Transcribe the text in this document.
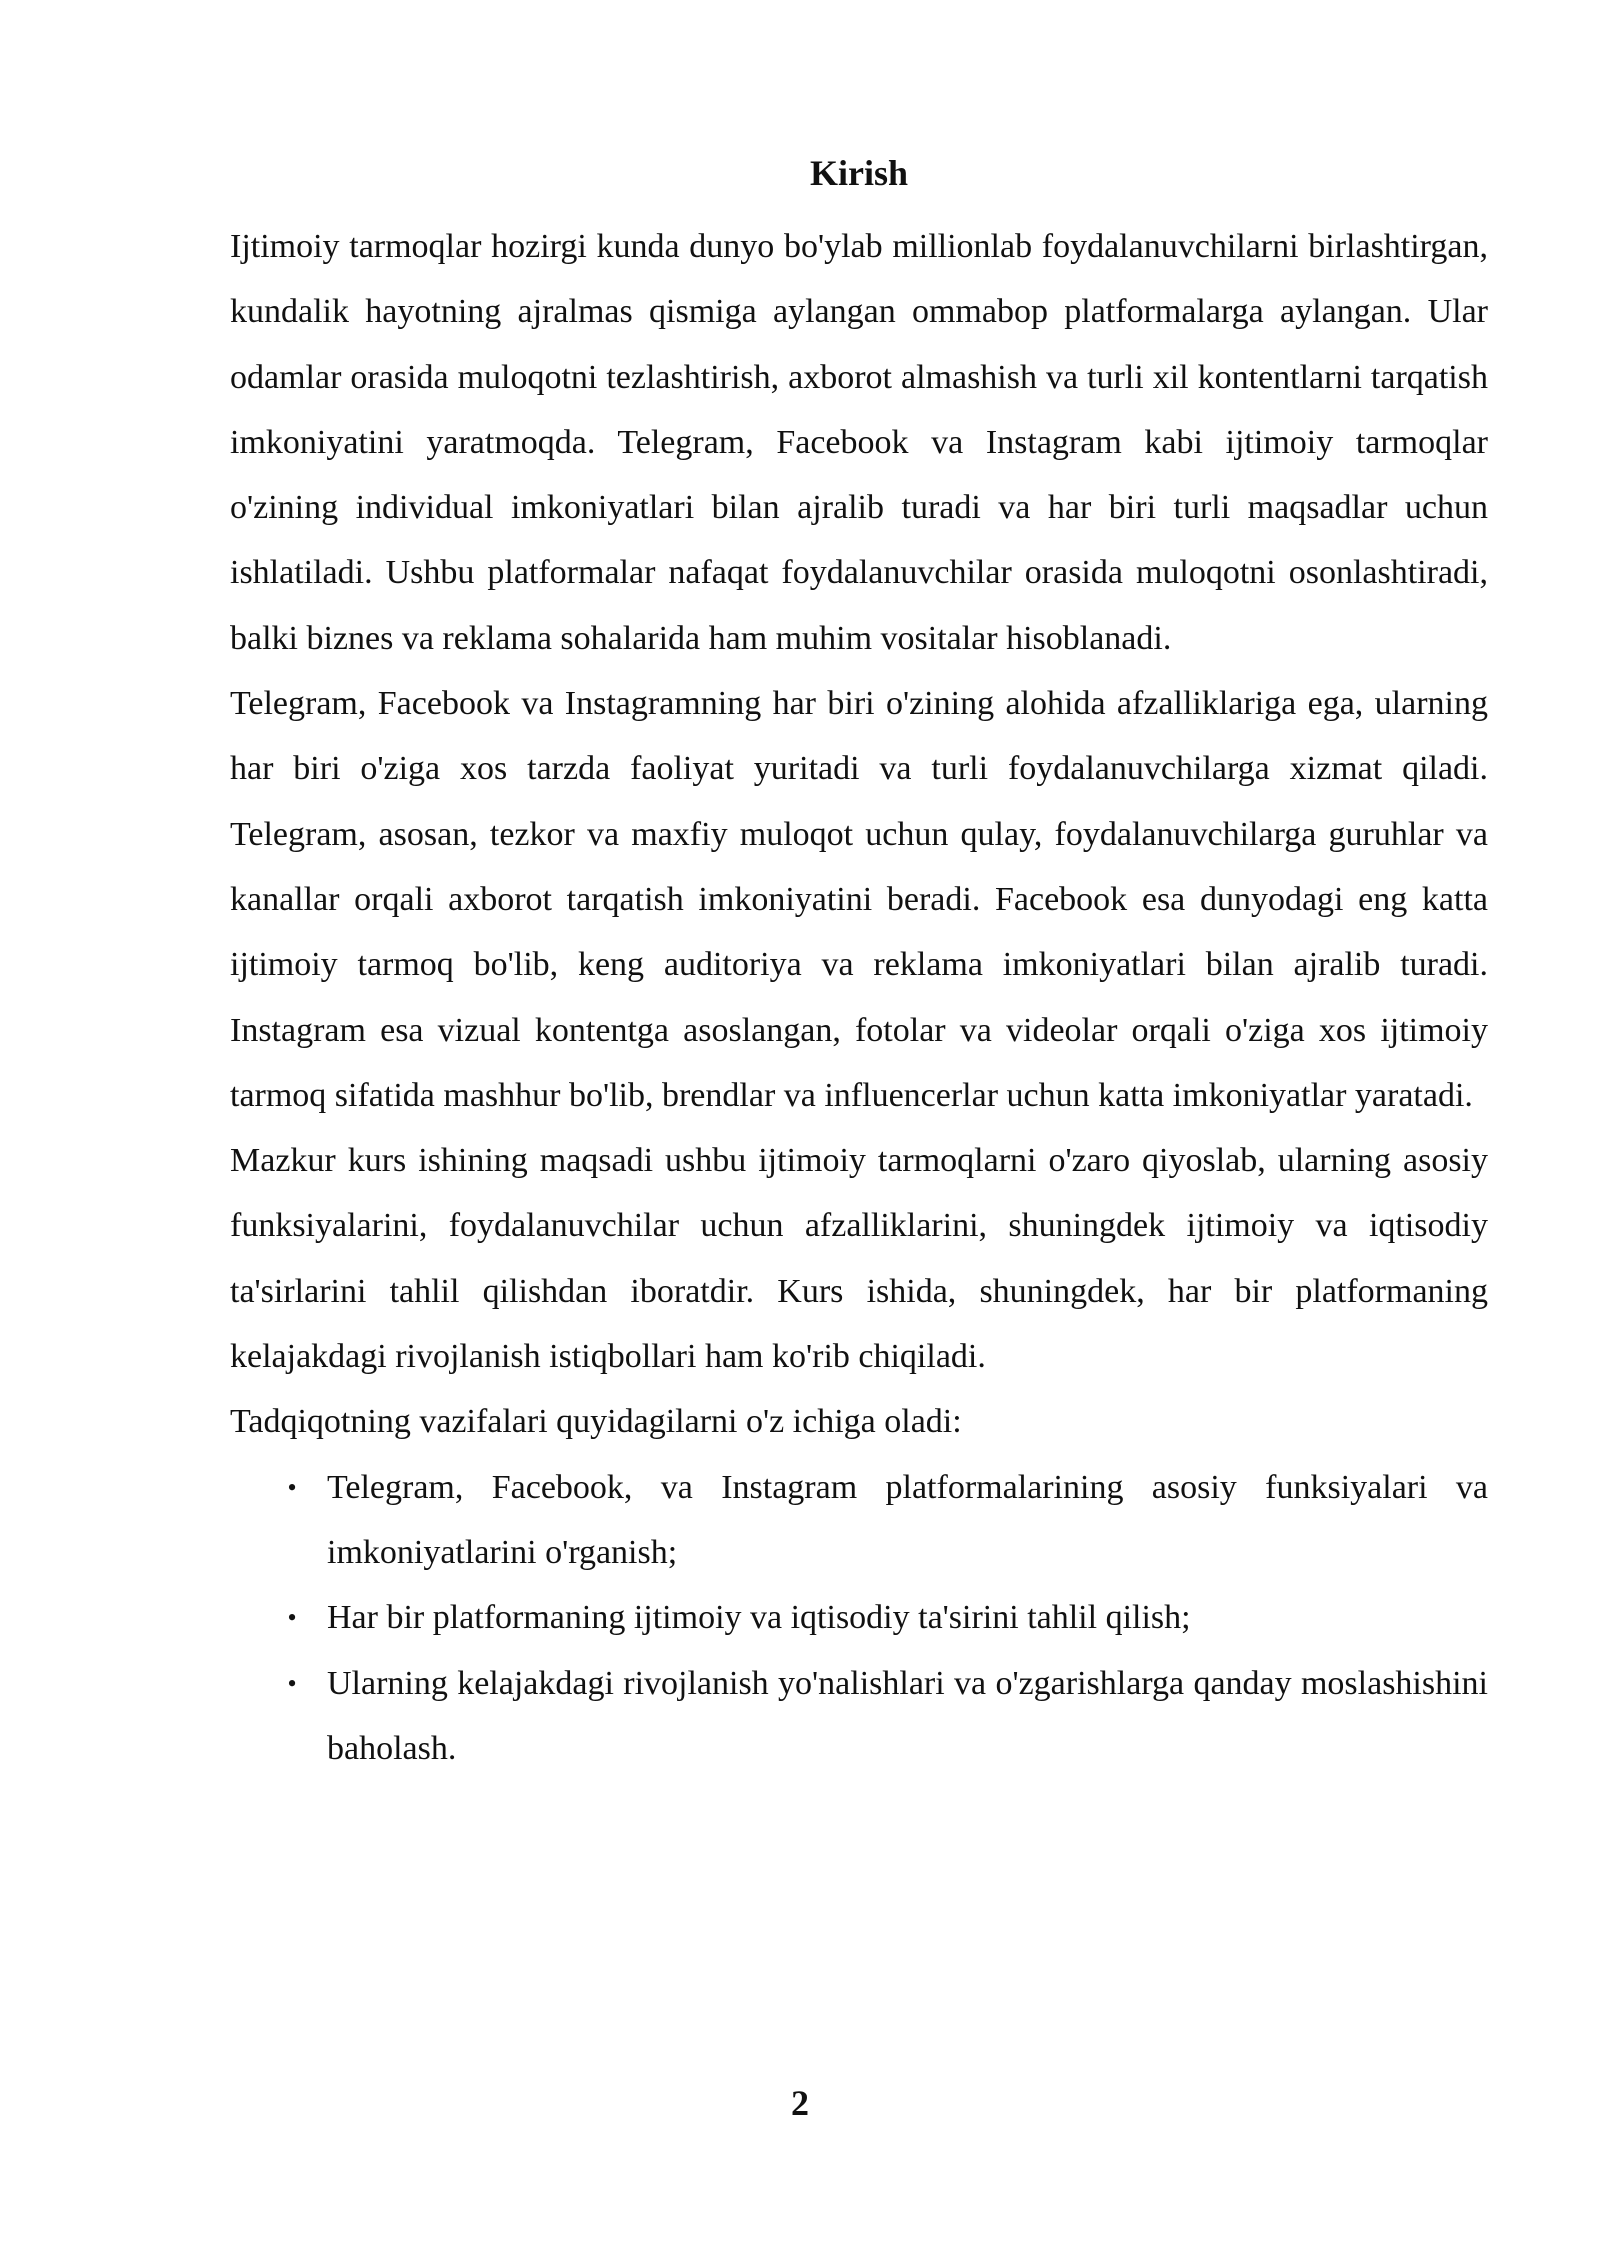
Kirish

Ijtimoiy tarmoqlar hozirgi kunda dunyo bo'ylab millionlab foydalanuvchilarni birlashtirgan, kundalik hayotning ajralmas qismiga aylangan ommabop platformalarga aylangan. Ular odamlar orasida muloqotni tezlashtirish, axborot almashish va turli xil kontentlarni tarqatish imkoniyatini yaratmoqda. Telegram, Facebook va Instagram kabi ijtimoiy tarmoqlar o'zining individual imkoniyatlari bilan ajralib turadi va har biri turli maqsadlar uchun ishlatiladi. Ushbu platformalar nafaqat foydalanuvchilar orasida muloqotni osonlashtiradi, balki biznes va reklama sohalarida ham muhim vositalar hisoblanadi.

Telegram, Facebook va Instagramning har biri o'zining alohida afzalliklariga ega, ularning har biri o'ziga xos tarzda faoliyat yuritadi va turli foydalanuvchilarga xizmat qiladi. Telegram, asosan, tezkor va maxfiy muloqot uchun qulay, foydalanuvchilarga guruhlar va kanallar orqali axborot tarqatish imkoniyatini beradi. Facebook esa dunyodagi eng katta ijtimoiy tarmoq bo'lib, keng auditoriya va reklama imkoniyatlari bilan ajralib turadi. Instagram esa vizual kontentga asoslangan, fotolar va videolar orqali o'ziga xos ijtimoiy tarmoq sifatida mashhur bo'lib, brendlar va influencerlar uchun katta imkoniyatlar yaratadi.

Mazkur kurs ishining maqsadi ushbu ijtimoiy tarmoqlarni o'zaro qiyoslab, ularning asosiy funksiyalarini, foydalanuvchilar uchun afzalliklarini, shuningdek ijtimoiy va iqtisodiy ta'sirlarini tahlil qilishdan iboratdir. Kurs ishida, shuningdek, har bir platformaning kelajakdagi rivojlanish istiqbollari ham ko'rib chiqiladi.

Tadqiqotning vazifalari quyidagilarni o'z ichiga oladi:

• Telegram, Facebook, va Instagram platformalarining asosiy funksiyalari va imkoniyatlarini o'rganish;
• Har bir platformaning ijtimoiy va iqtisodiy ta'sirini tahlil qilish;
• Ularning kelajakdagi rivojlanish yo'nalishlari va o'zgarishlarga qanday moslashishini baholash.
2
